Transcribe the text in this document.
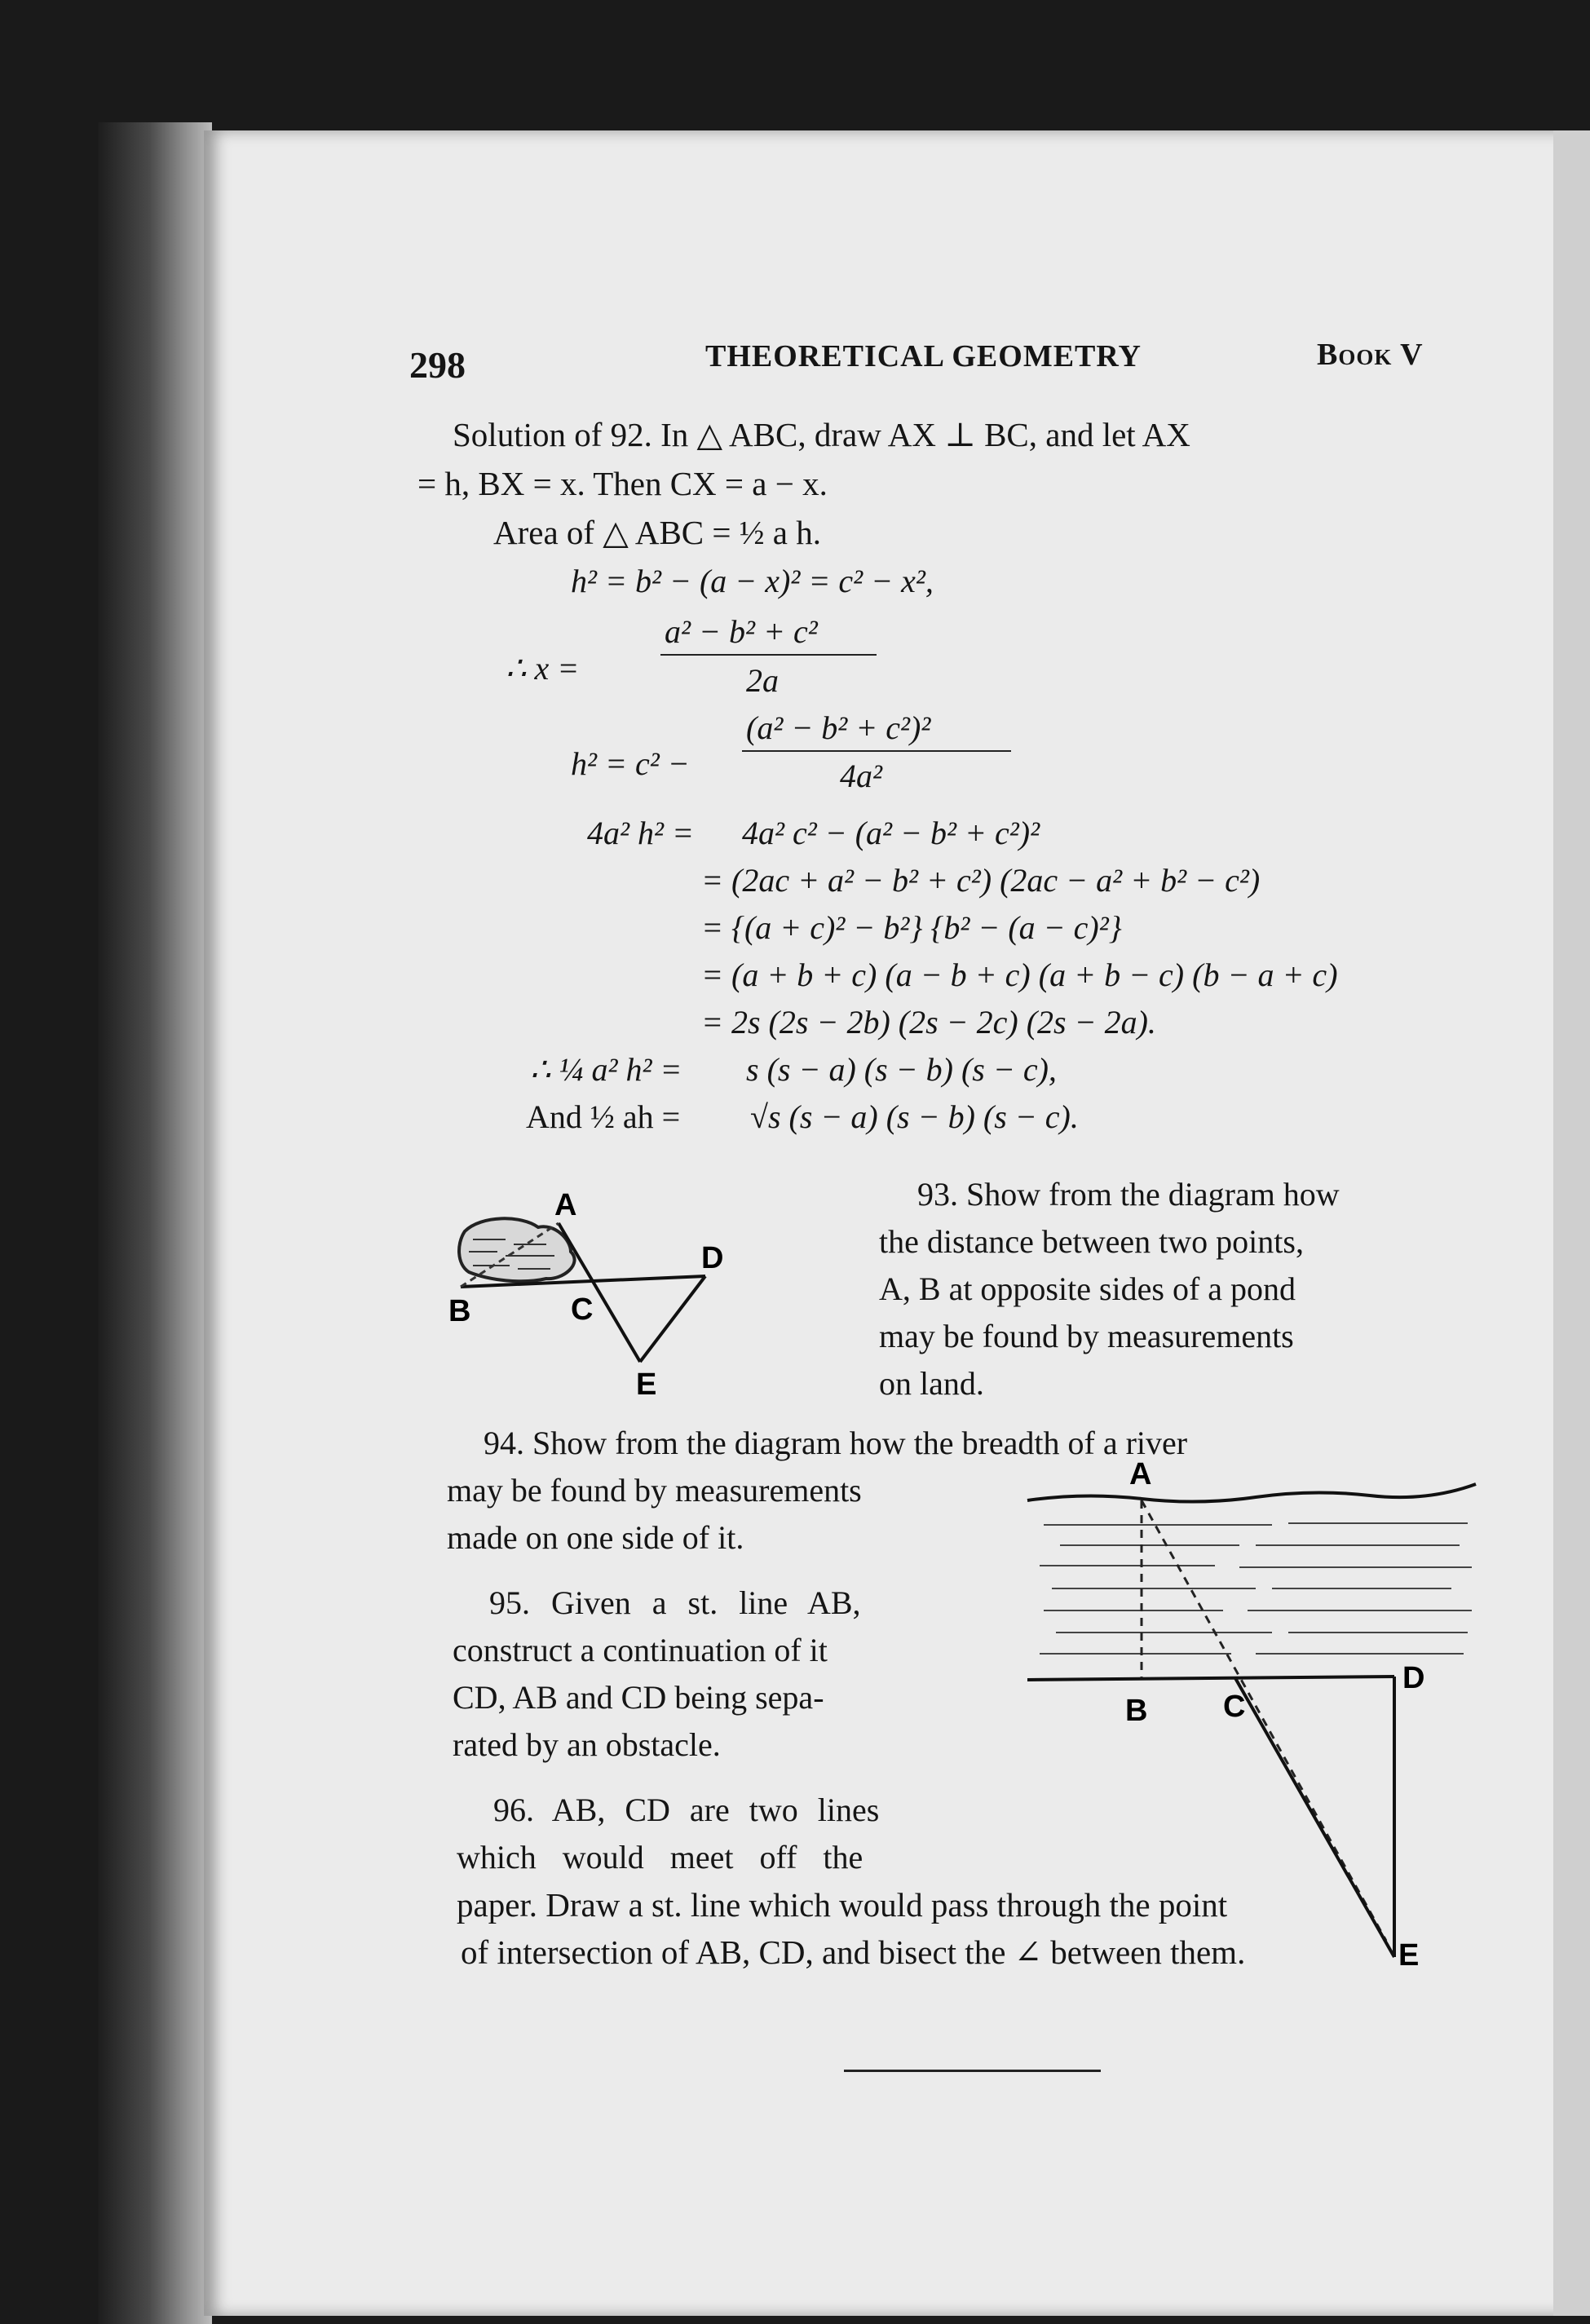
298	THEORETICAL GEOMETRY	Book V
Solution of 92. In △ ABC, draw AX ⊥ BC, and let AX
= h, BX = x. Then CX = a − x.
Area of △ ABC = ½ a h.
h² = b² − (a − x)² = c² − x²,
∴ x =
a² − b² + c²
2a
h² = c² −
(a² − b² + c²)²
4a²
4a² h² = 4a² c² − (a² − b² + c²)²
= (2ac + a² − b² + c²) (2ac − a² + b² − c²)
= {(a + c)² − b²} {b² − (a − c)²}
= (a + b + c) (a − b + c) (a + b − c) (b − a + c)
= 2s (2s − 2b) (2s − 2c) (2s − 2a).
∴ ¼ a² h² = s (s − a) (s − b) (s − c),
And ½ ah = √s (s − a) (s − b) (s − c).
A
B	C
D
E
93. Show from the diagram how
the distance between two points,
A, B at opposite sides of a pond
may be found by measurements
on land.
94. Show from the diagram how the breadth of a river
may be found by measurements
made on one side of it.
A
B C
D
E
95. Given a st. line AB,
construct a continuation of it
CD, AB and CD being sepa-
rated by an obstacle.
96. AB, CD are two lines
which would meet off the
paper. Draw a st. line which would pass through the point
of intersection of AB, CD, and bisect the ∠ between them.
